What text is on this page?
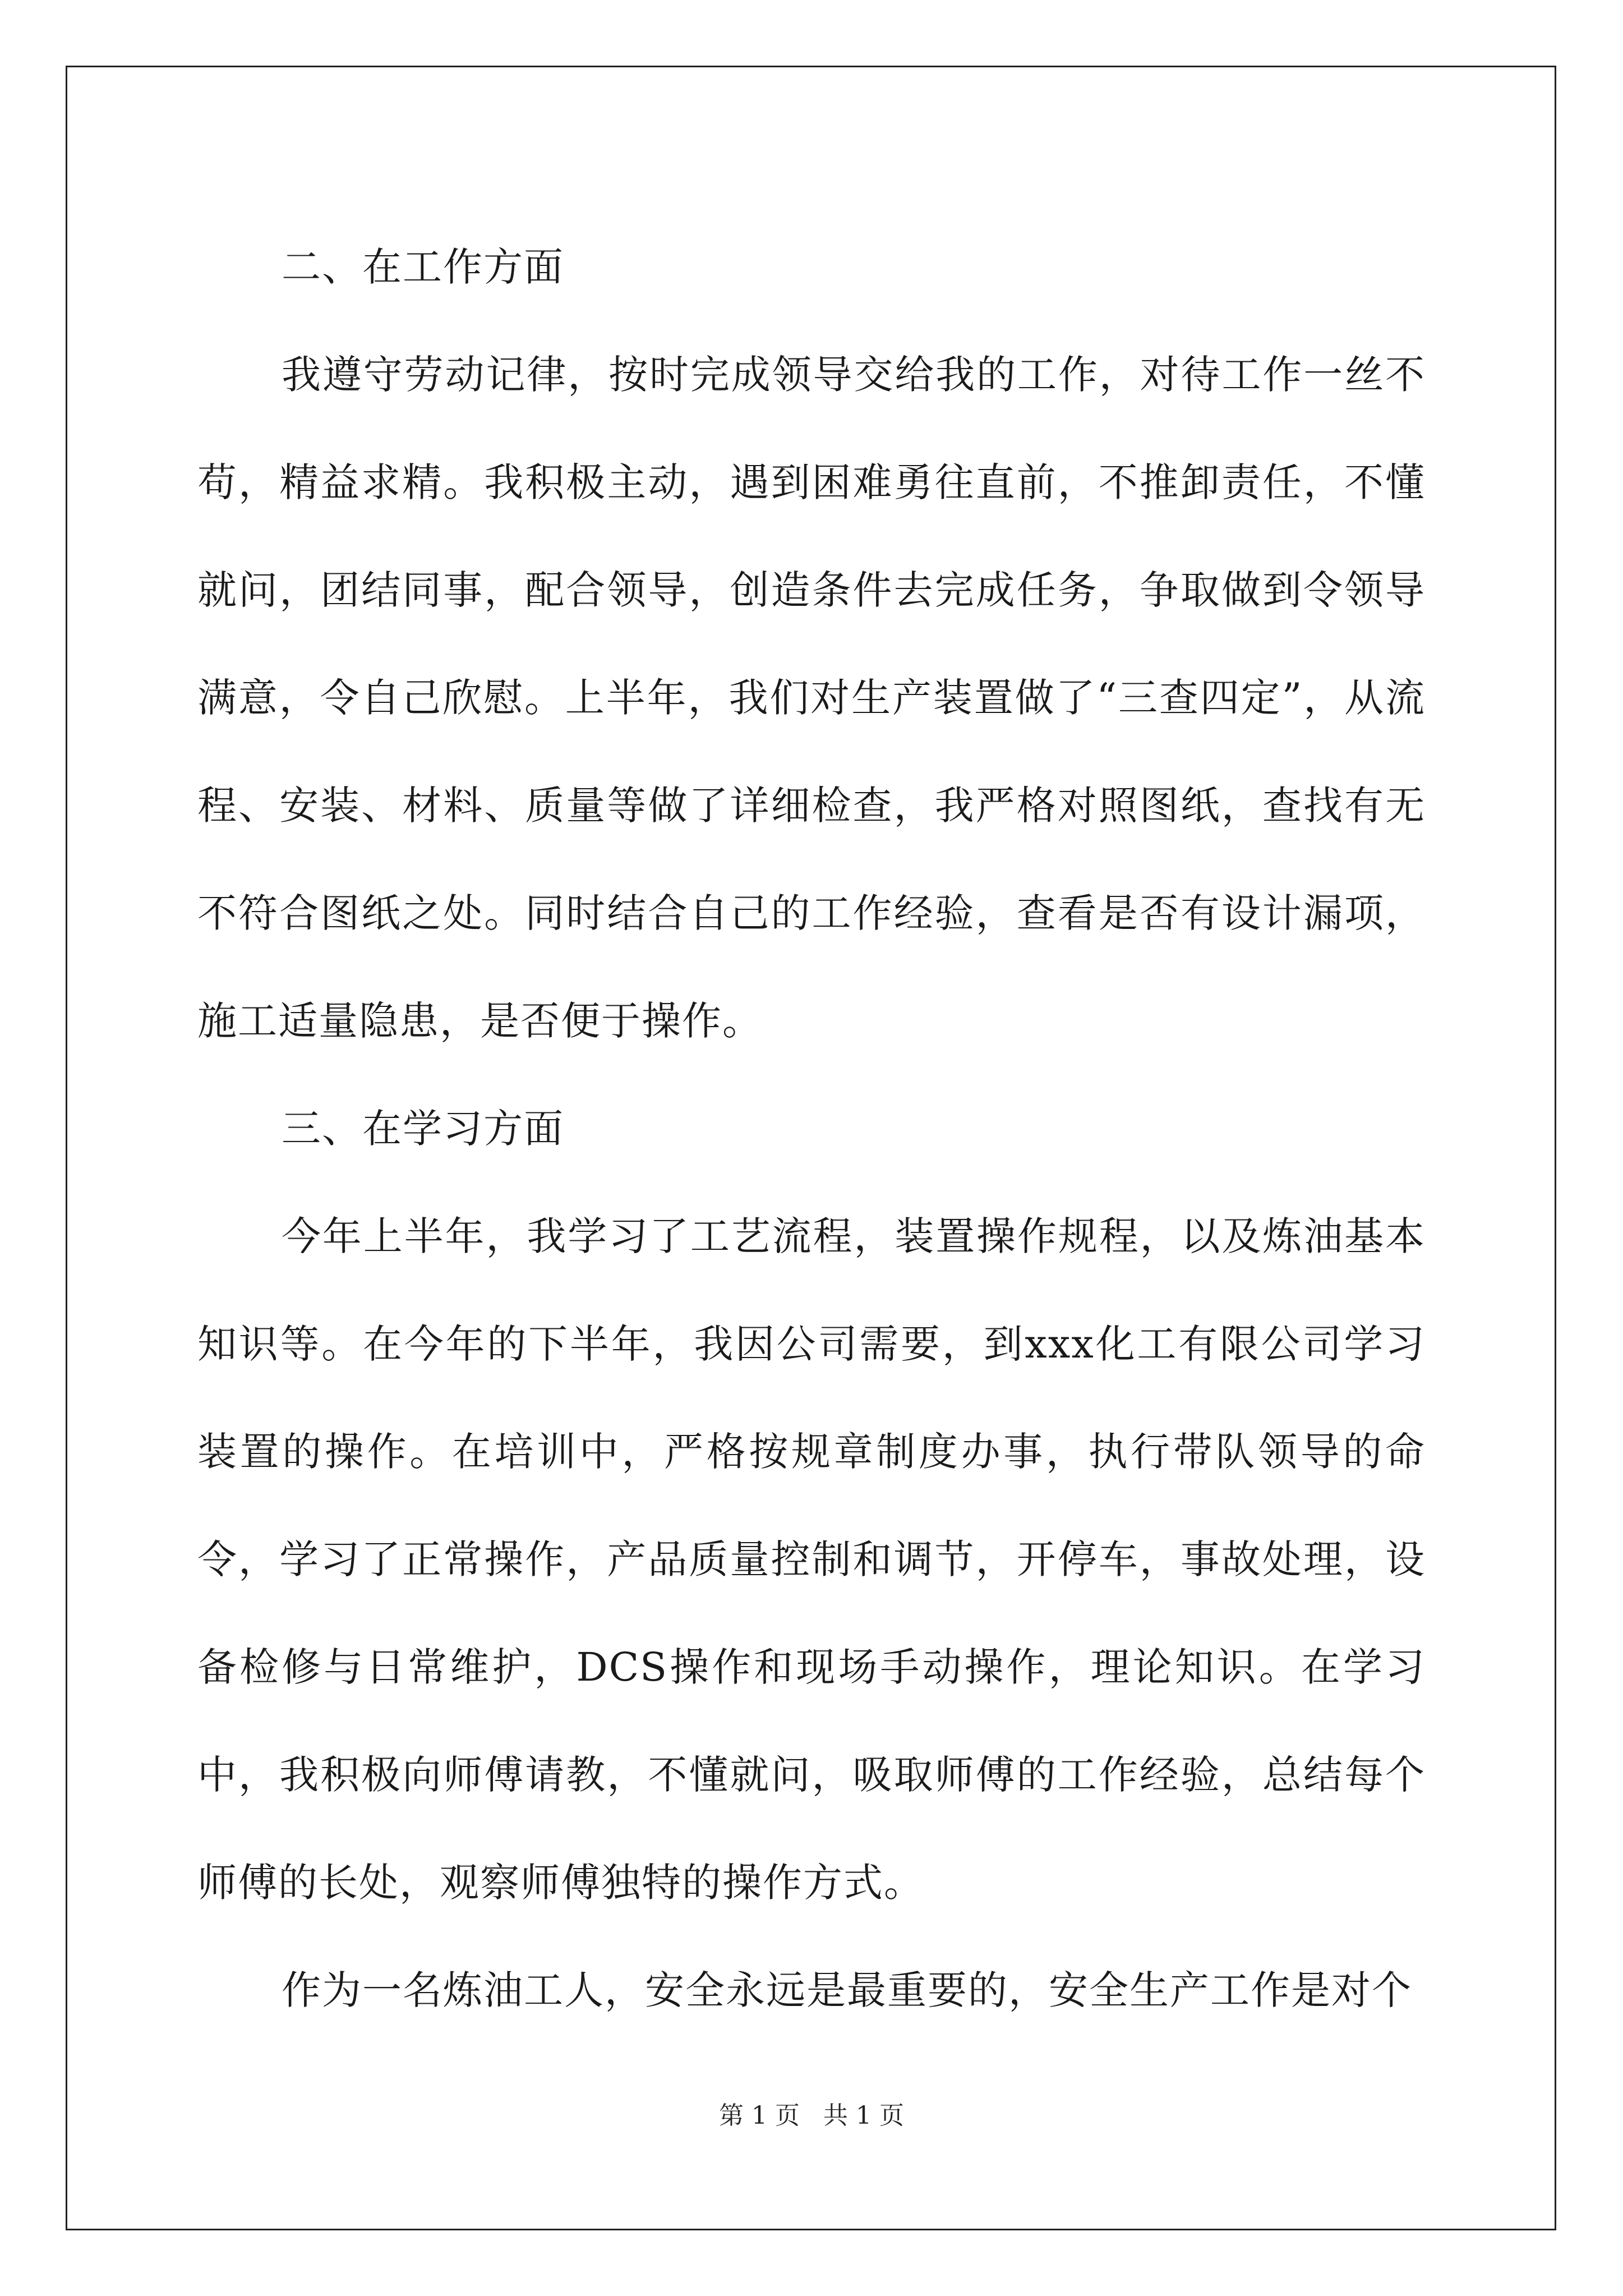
二、在工作方面

我遵守劳动记律，按时完成领导交给我的工作，对待工作一丝不苟，精益求精。我积极主动，遇到困难勇往直前，不推卸责任，不懂就问，团结同事，配合领导，创造条件去完成任务，争取做到令领导满意，令自己欣慰。上半年，我们对生产装置做了“三查四定”，从流程、安装、材料、质量等做了详细检查，我严格对照图纸，查找有无不符合图纸之处。同时结合自己的工作经验，查看是否有设计漏项，施工适量隐患，是否便于操作。

三、在学习方面

今年上半年，我学习了工艺流程，装置操作规程，以及炼油基本知识等。在今年的下半年，我因公司需要，到xxx化工有限公司学习装置的操作。在培训中，严格按规章制度办事，执行带队领导的命令，学习了正常操作，产品质量控制和调节，开停车，事故处理，设备检修与日常维护，DCS操作和现场手动操作，理论知识。在学习中，我积极向师傅请教，不懂就问，吸取师傅的工作经验，总结每个师傅的长处，观察师傅独特的操作方式。

作为一名炼油工人，安全永远是最重要的，安全生产工作是对个

第 1 页   共 1 页
